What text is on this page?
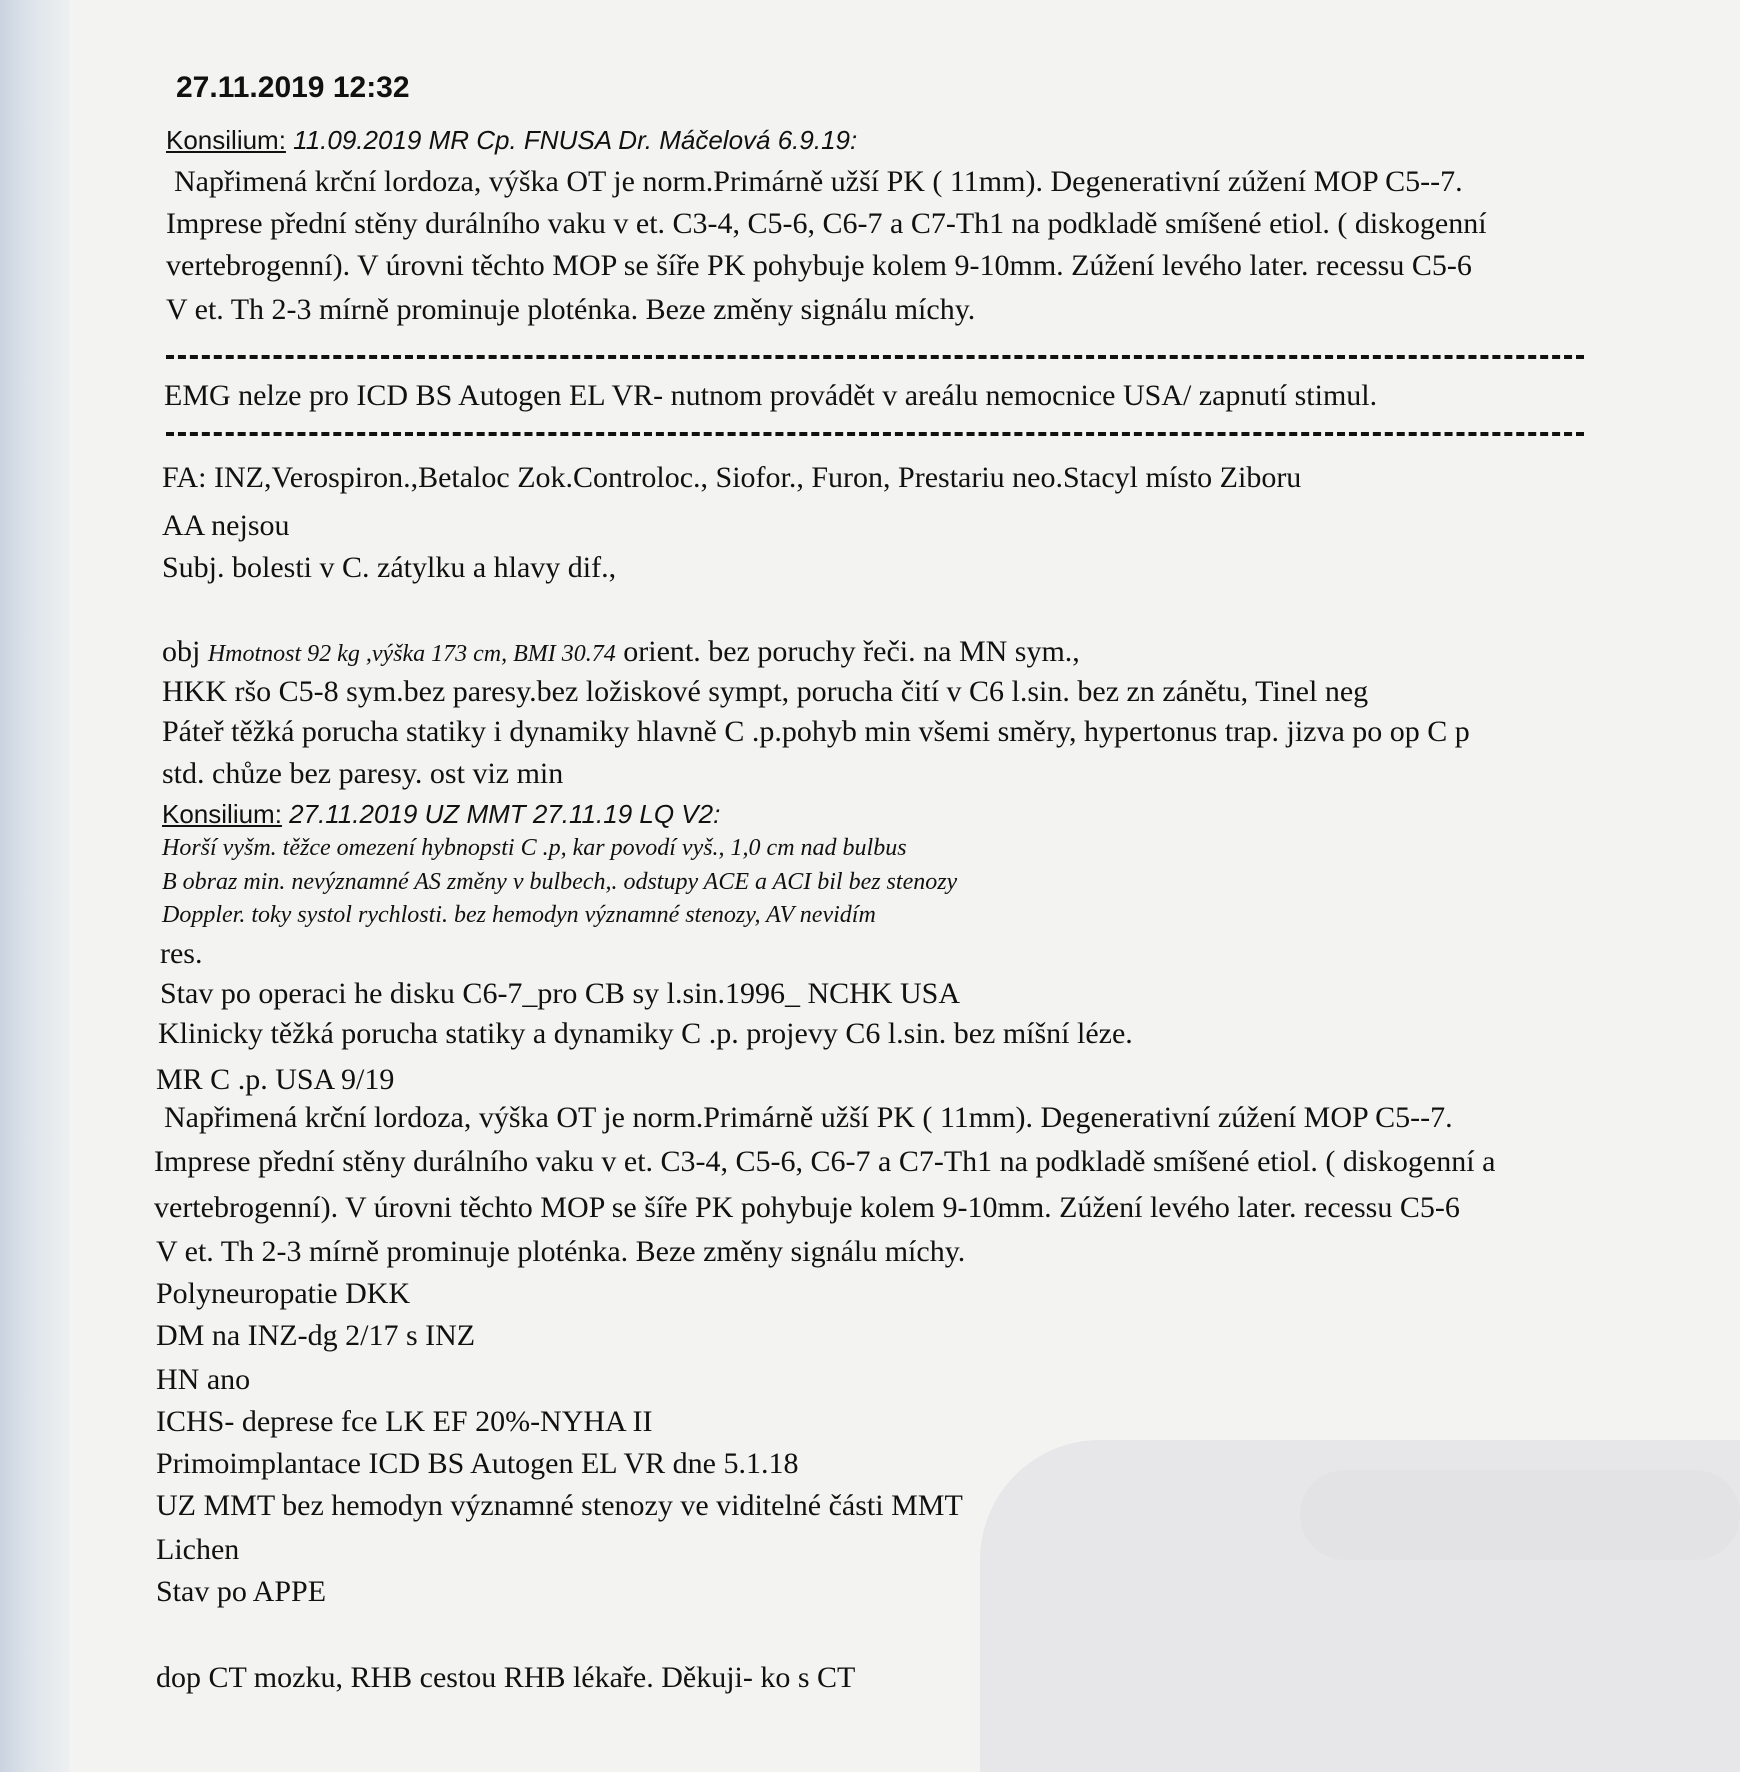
27.11.2019 12:32
Konsilium: 11.09.2019 MR Cp. FNUSA Dr. Máčelová 6.9.19:
Napřimená krční lordoza, výška OT je norm.Primárně užší PK ( 11mm). Degenerativní zúžení MOP C5--7.
Imprese přední stěny durálního vaku v et. C3-4, C5-6, C6-7 a C7-Th1 na podkladě smíšené etiol. ( diskogenní
vertebrogenní). V úrovni těchto MOP se šíře PK pohybuje kolem 9-10mm. Zúžení levého later. recessu C5-6
V et. Th 2-3 mírně prominuje ploténka. Beze změny signálu míchy.
EMG nelze pro ICD BS Autogen EL VR- nutnom provádět v areálu nemocnice USA/ zapnutí stimul.
FA: INZ,Verospiron.,Betaloc Zok.Controloc., Siofor., Furon, Prestariu neo.Stacyl místo Ziboru
AA nejsou
Subj. bolesti v C. zátylku a hlavy dif.,
obj Hmotnost 92 kg ,výška 173 cm, BMI 30.74 orient. bez poruchy řeči. na MN sym.,
HKK ršo C5-8 sym.bez paresy.bez ložiskové sympt, porucha čití v C6 l.sin. bez zn zánětu, Tinel neg
Páteř těžká porucha statiky i dynamiky hlavně C .p.pohyb min všemi směry, hypertonus trap. jizva po op C p
std. chůze bez paresy. ost viz min
Konsilium: 27.11.2019 UZ MMT 27.11.19 LQ V2:
Horší vyšm. těžce omezení hybnopsti C .p, kar povodí vyš., 1,0 cm nad bulbus
B obraz min. nevýznamné AS změny v bulbech,. odstupy ACE a ACI bil bez stenozy
Doppler. toky systol rychlosti. bez hemodyn významné stenozy, AV nevidím
res.
Stav po operaci he disku C6-7_pro CB sy l.sin.1996_ NCHK USA
Klinicky těžká porucha statiky a dynamiky C .p. projevy C6 l.sin. bez míšní léze.
MR C .p. USA 9/19
Napřimená krční lordoza, výška OT je norm.Primárně užší PK ( 11mm). Degenerativní zúžení MOP C5--7.
Imprese přední stěny durálního vaku v et. C3-4, C5-6, C6-7 a C7-Th1 na podkladě smíšené etiol. ( diskogenní a
vertebrogenní). V úrovni těchto MOP se šíře PK pohybuje kolem 9-10mm. Zúžení levého later. recessu C5-6
V et. Th 2-3 mírně prominuje ploténka. Beze změny signálu míchy.
Polyneuropatie DKK
DM na INZ-dg 2/17 s INZ
HN ano
ICHS- deprese fce LK EF 20%-NYHA II
Primoimplantace ICD BS Autogen EL VR dne 5.1.18
UZ MMT bez hemodyn významné stenozy ve viditelné části MMT
Lichen
Stav po APPE
dop CT mozku, RHB cestou RHB lékaře. Děkuji- ko s CT
